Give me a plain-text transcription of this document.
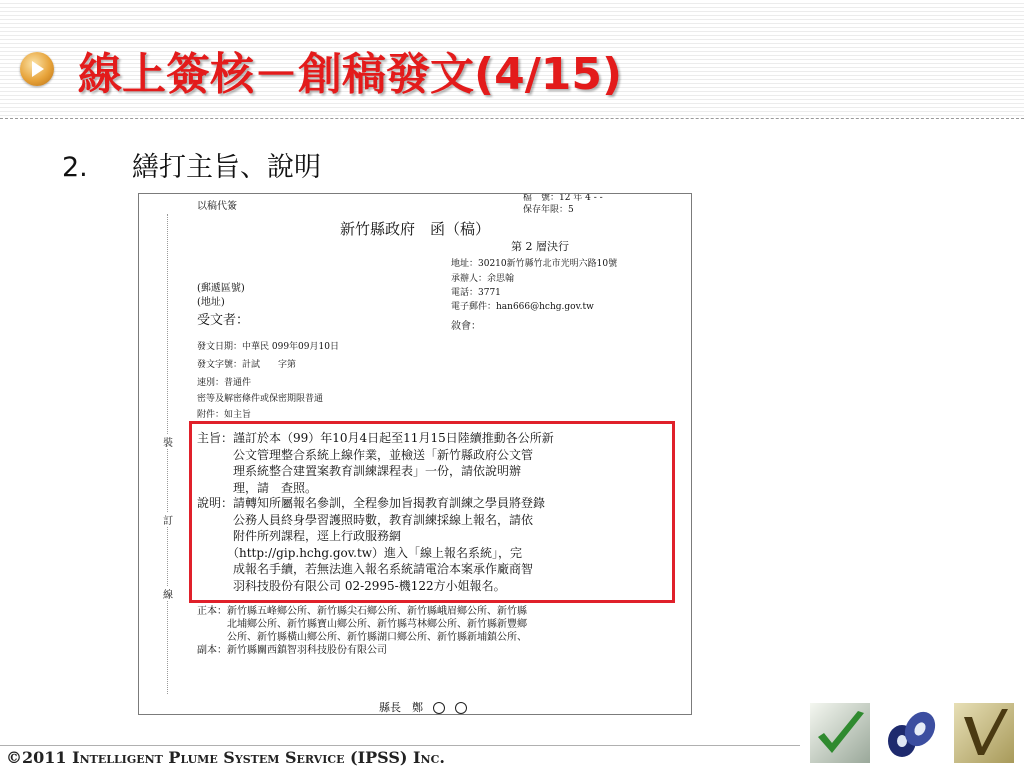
線上簽核－創稿發文(4/15)
2. 繕打主旨、說明
裝
訂
線
以稿代簽
檔　號：12 年 4 - -
保存年限：5
新竹縣政府　函（稿）
第 2 層決行
地址：30210新竹縣竹北市光明六路10號
承辦人：余思翰
電話：3771
電子郵件：han666@hchg.gov.tw
敘會：
(郵遞區號)
(地址)
受文者：
發文日期：中華民 099年09月10日
發文字號：計試　　字第
速別：普通件
密等及解密條件或保密期限普通
附件：如主旨
主旨：謹訂於本（99）年10月4日起至11月15日陸續推動各公所新
　　　公文管理整合系統上線作業，並檢送「新竹縣政府公文管
　　　理系統整合建置案教育訓練課程表」一份，請依說明辦
　　　理，請　查照。
說明：請轉知所屬報名參訓，全程參加旨揭教育訓練之學員將登錄
　　　公務人員終身學習護照時數，教育訓練採線上報名，請依
　　　附件所列課程，逕上行政服務網
　　　（http://gip.hchg.gov.tw）進入「線上報名系統」，完
　　　成報名手續，若無法進入報名系統請電洽本案承作廠商智
　　　羽科技股份有限公司 02-2995-機122方小姐報名。
正本：新竹縣五峰鄉公所、新竹縣尖石鄉公所、新竹縣峨眉鄉公所、新竹縣
　　　北埔鄉公所、新竹縣寶山鄉公所、新竹縣芎林鄉公所、新竹縣新豐鄉
　　　公所、新竹縣橫山鄉公所、新竹縣湖口鄉公所、新竹縣新埔鎮公所、
副本：新竹縣關西鎮智羽科技股份有限公司
縣長　鄭
©2011 Intelligent Plume System Service (IPSS) Inc.
